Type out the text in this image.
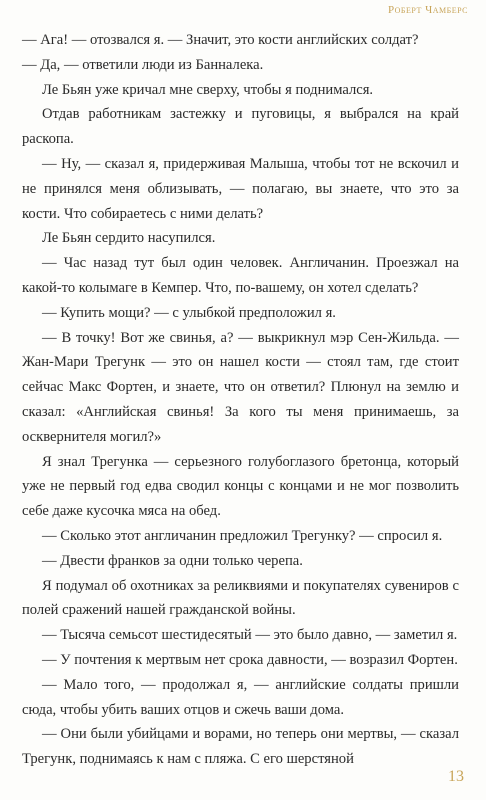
Роберт Чамберс

— Ага! — отозвался я. — Значит, это кости английских солдат?

— Да, — ответили люди из Банналека.

Ле Бьян уже кричал мне сверху, чтобы я поднимался.

Отдав работникам застежку и пуговицы, я выбрался на край раскопа.

— Ну, — сказал я, придерживая Малыша, чтобы тот не вскочил и не принялся меня облизывать, — полагаю, вы знаете, что это за кости. Что собираетесь с ними делать?

Ле Бьян сердито насупился.

— Час назад тут был один человек. Англичанин. Проезжал на какой-то колымаге в Кемпер. Что, по-вашему, он хотел сделать?

— Купить мощи? — с улыбкой предположил я.

— В точку! Вот же свинья, а? — выкрикнул мэр Сен-Жильда. — Жан-Мари Трегунк — это он нашел кости — стоял там, где стоит сейчас Макс Фортен, и знаете, что он ответил? Плюнул на землю и сказал: «Английская свинья! За кого ты меня принимаешь, за осквернителя могил?»

Я знал Трегунка — серьезного голубоглазого бретонца, который уже не первый год едва сводил концы с концами и не мог позволить себе даже кусочка мяса на обед.

— Сколько этот англичанин предложил Трегунку? — спросил я.

— Двести франков за одни только черепа.

Я подумал об охотниках за реликвиями и покупателях сувениров с полей сражений нашей гражданской войны.

— Тысяча семьсот шестидесятый — это было давно, — заметил я.

— У почтения к мертвым нет срока давности, — возразил Фортен.

— Мало того, — продолжал я, — английские солдаты пришли сюда, чтобы убить ваших отцов и сжечь ваши дома.

— Они были убийцами и ворами, но теперь они мертвы, — сказал Трегунк, поднимаясь к нам с пляжа. С его шерстяной

13
